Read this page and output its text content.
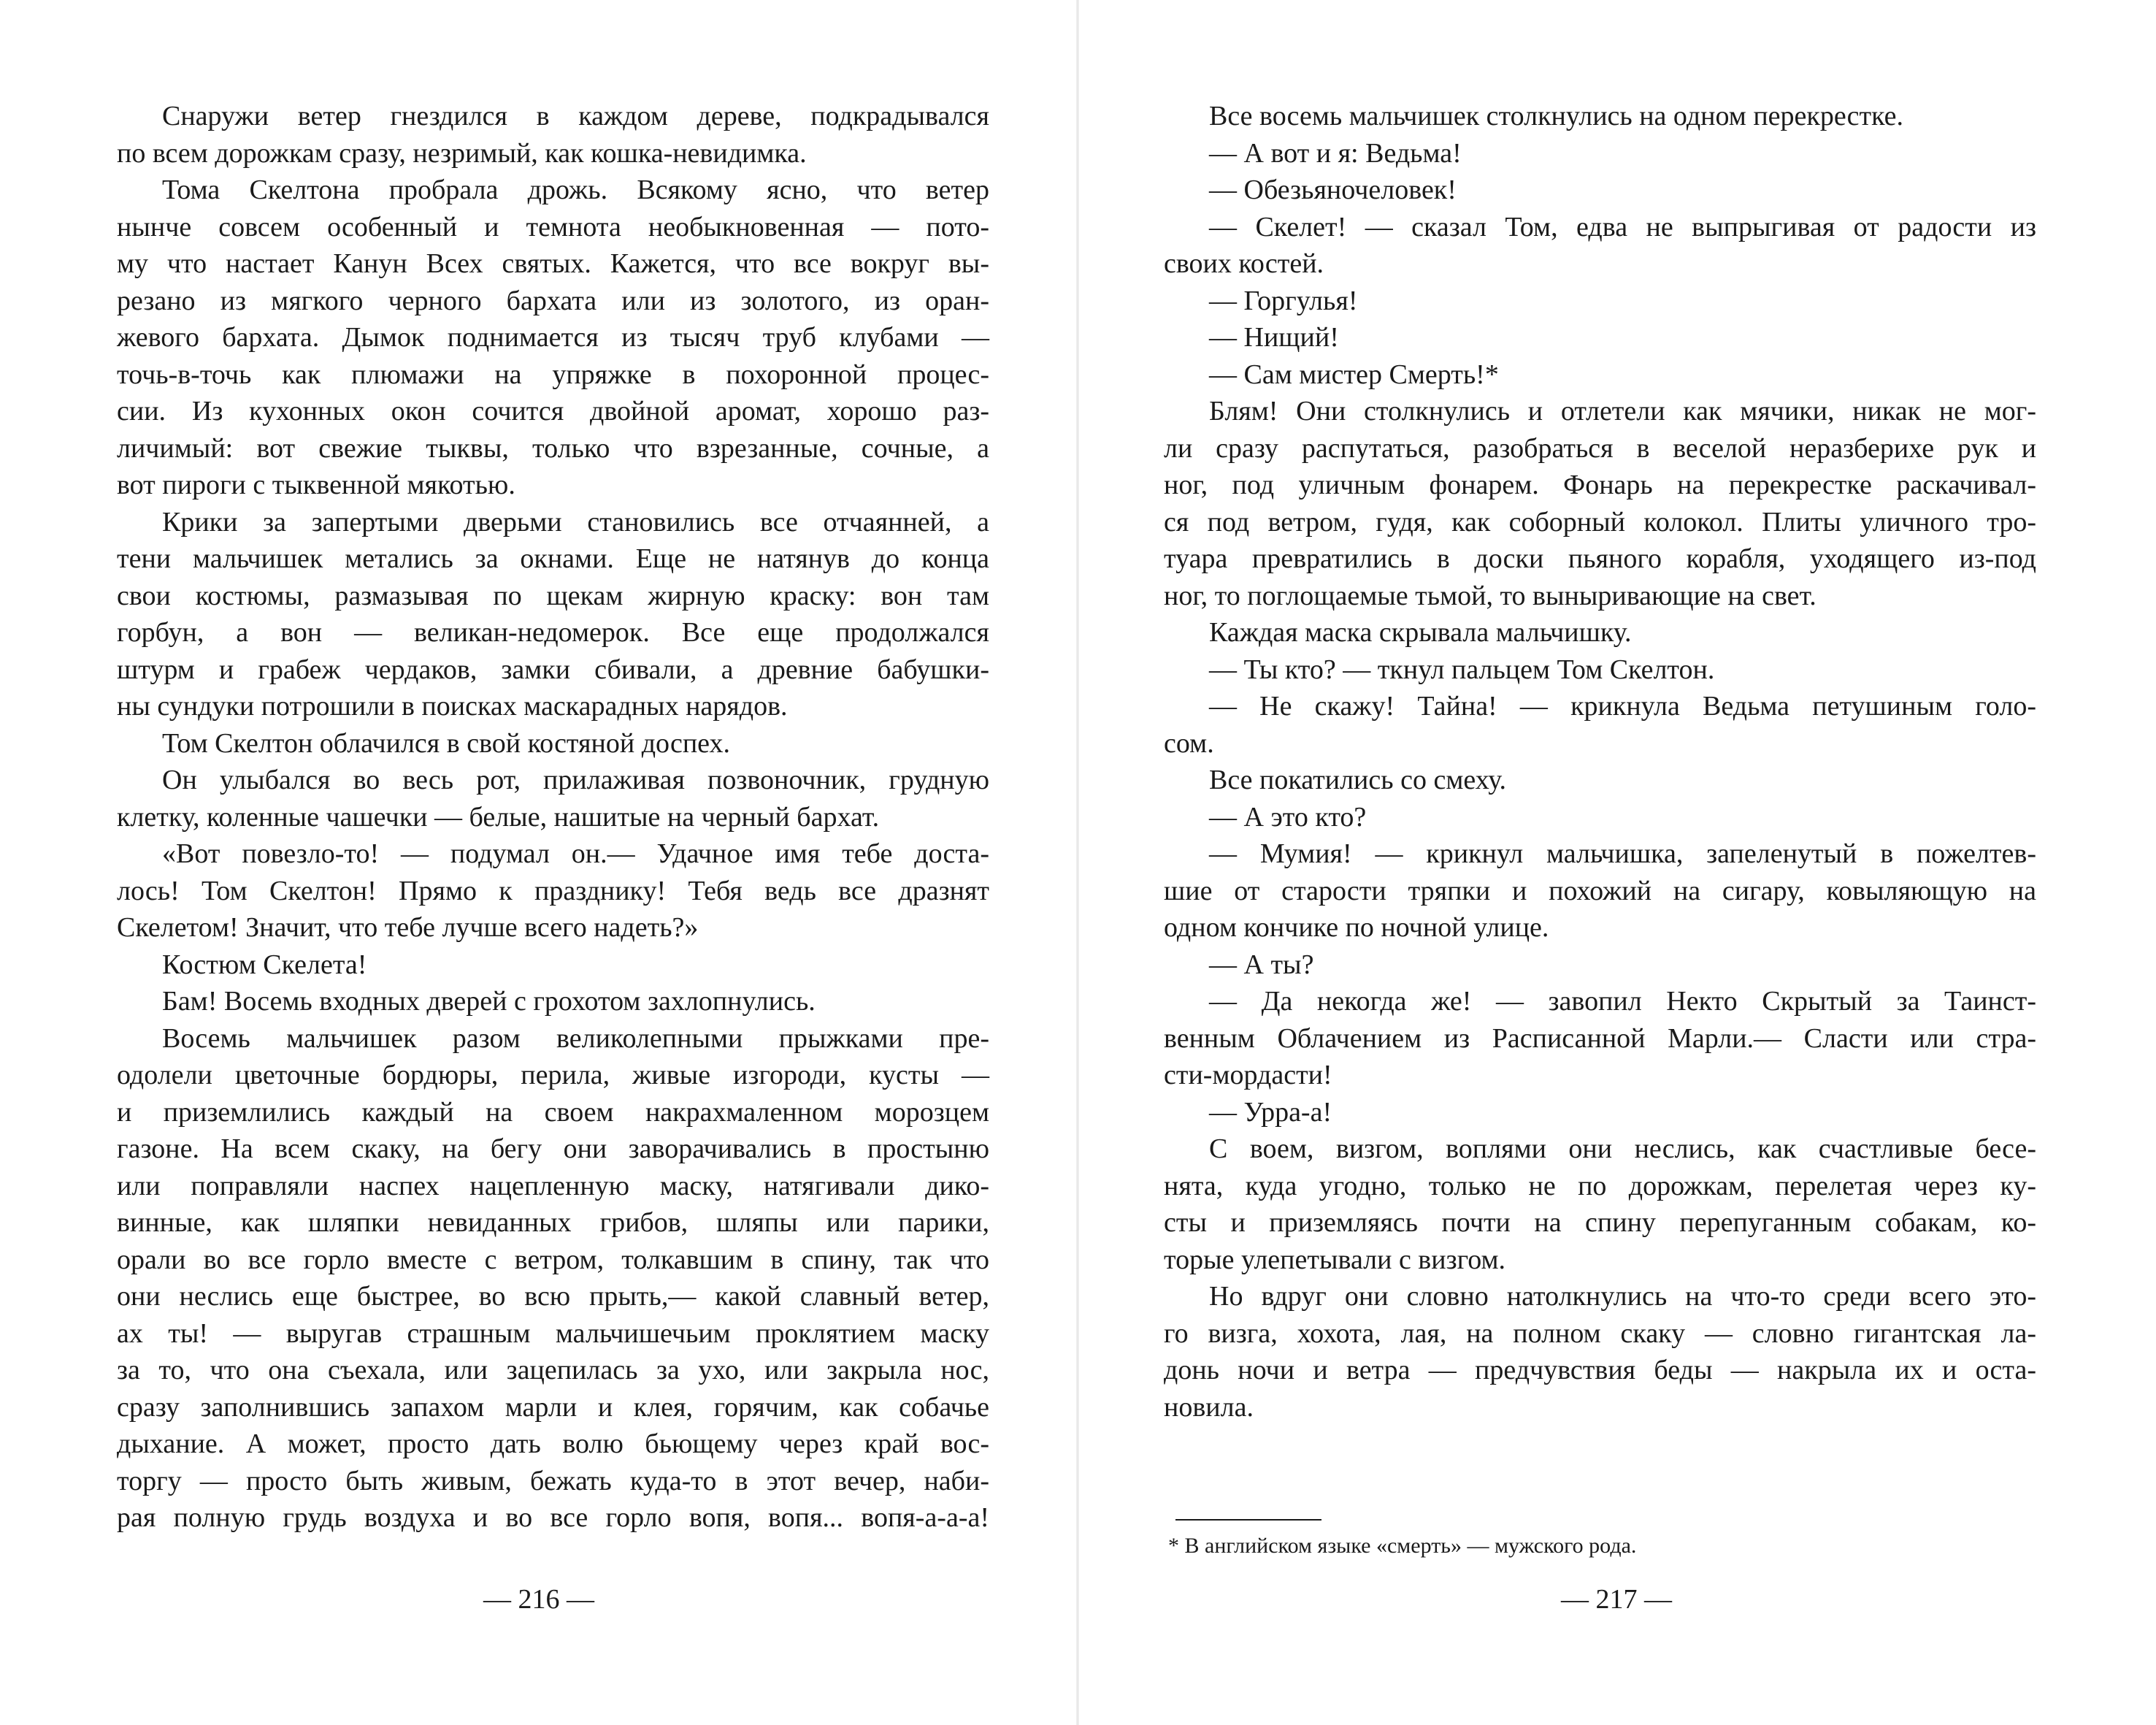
Снаружи ветер гнездился в каждом дереве, подкрадывался
по всем дорожкам сразу, незримый, как кошка-невидимка.
Тома Скелтона пробрала дрожь. Всякому ясно, что ветер
нынче совсем особенный и темнота необыкновенная — пото-
му что настает Канун Всех святых. Кажется, что все вокруг вы-
резано из мягкого черного бархата или из золотого, из оран-
жевого бархата. Дымок поднимается из тысяч труб клубами —
точь-в-точь как плюмажи на упряжке в похоронной процес-
сии. Из кухонных окон сочится двойной аромат, хорошо раз-
личимый: вот свежие тыквы, только что взрезанные, сочные, а
вот пироги с тыквенной мякотью.
Крики за запертыми дверьми становились все отчаянней, а
тени мальчишек метались за окнами. Еще не натянув до конца
свои костюмы, размазывая по щекам жирную краску: вон там
горбун, а вон — великан-недомерок. Все еще продолжался
штурм и грабеж чердаков, замки сбивали, а древние бабушки-
ны сундуки потрошили в поисках маскарадных нарядов.
Том Скелтон облачился в свой костяной доспех.
Он улыбался во весь рот, прилаживая позвоночник, грудную
клетку, коленные чашечки — белые, нашитые на черный бархат.
«Вот повезло-то! — подумал он.— Удачное имя тебе доста-
лось! Том Скелтон! Прямо к празднику! Тебя ведь все дразнят
Скелетом! Значит, что тебе лучше всего надеть?»
Костюм Скелета!
Бам! Восемь входных дверей с грохотом захлопнулись.
Восемь мальчишек разом великолепными прыжками пре-
одолели цветочные бордюры, перила, живые изгороди, кусты —
и приземлились каждый на своем накрахмаленном морозцем
газоне. На всем скаку, на бегу они заворачивались в простыню
или поправляли наспех нацепленную маску, натягивали дико-
винные, как шляпки невиданных грибов, шляпы или парики,
орали во все горло вместе с ветром, толкавшим в спину, так что
они неслись еще быстрее, во всю прыть,— какой славный ветер,
ах ты! — выругав страшным мальчишечьим проклятием маску
за то, что она съехала, или зацепилась за ухо, или закрыла нос,
сразу заполнившись запахом марли и клея, горячим, как собачье
дыхание. А может, просто дать волю бьющему через край вос-
торгу — просто быть живым, бежать куда-то в этот вечер, наби-
рая полную грудь воздуха и во все горло вопя, вопя... вопя-а-а-а!
— 216 —
Все восемь мальчишек столкнулись на одном перекрестке.
— А вот и я: Ведьма!
— Обезьяночеловек!
— Скелет! — сказал Том, едва не выпрыгивая от радости из
своих костей.
— Горгулья!
— Нищий!
— Сам мистер Смерть!*
Блям! Они столкнулись и отлетели как мячики, никак не мог-
ли сразу распутаться, разобраться в веселой неразберихе рук и
ног, под уличным фонарем. Фонарь на перекрестке раскачивал-
ся под ветром, гудя, как соборный колокол. Плиты уличного тро-
туара превратились в доски пьяного корабля, уходящего из-под
ног, то поглощаемые тьмой, то выныривающие на свет.
Каждая маска скрывала мальчишку.
— Ты кто? — ткнул пальцем Том Скелтон.
— Не скажу! Тайна! — крикнула Ведьма петушиным голо-
сом.
Все покатились со смеху.
— А это кто?
— Мумия! — крикнул мальчишка, запеленутый в пожелтев-
шие от старости тряпки и похожий на сигару, ковыляющую на
одном кончике по ночной улице.
— А ты?
— Да некогда же! — завопил Некто Скрытый за Таинст-
венным Облачением из Расписанной Марли.— Сласти или стра-
сти-мордасти!
— Урра-а!
С воем, визгом, воплями они неслись, как счастливые бесе-
нята, куда угодно, только не по дорожкам, перелетая через ку-
сты и приземляясь почти на спину перепуганным собакам, ко-
торые улепетывали с визгом.
Но вдруг они словно натолкнулись на что-то среди всего это-
го визга, хохота, лая, на полном скаку — словно гигантская ла-
донь ночи и ветра — предчувствия беды — накрыла их и оста-
новила.
— 217 —
* В английском языке «смерть» — мужского рода.
